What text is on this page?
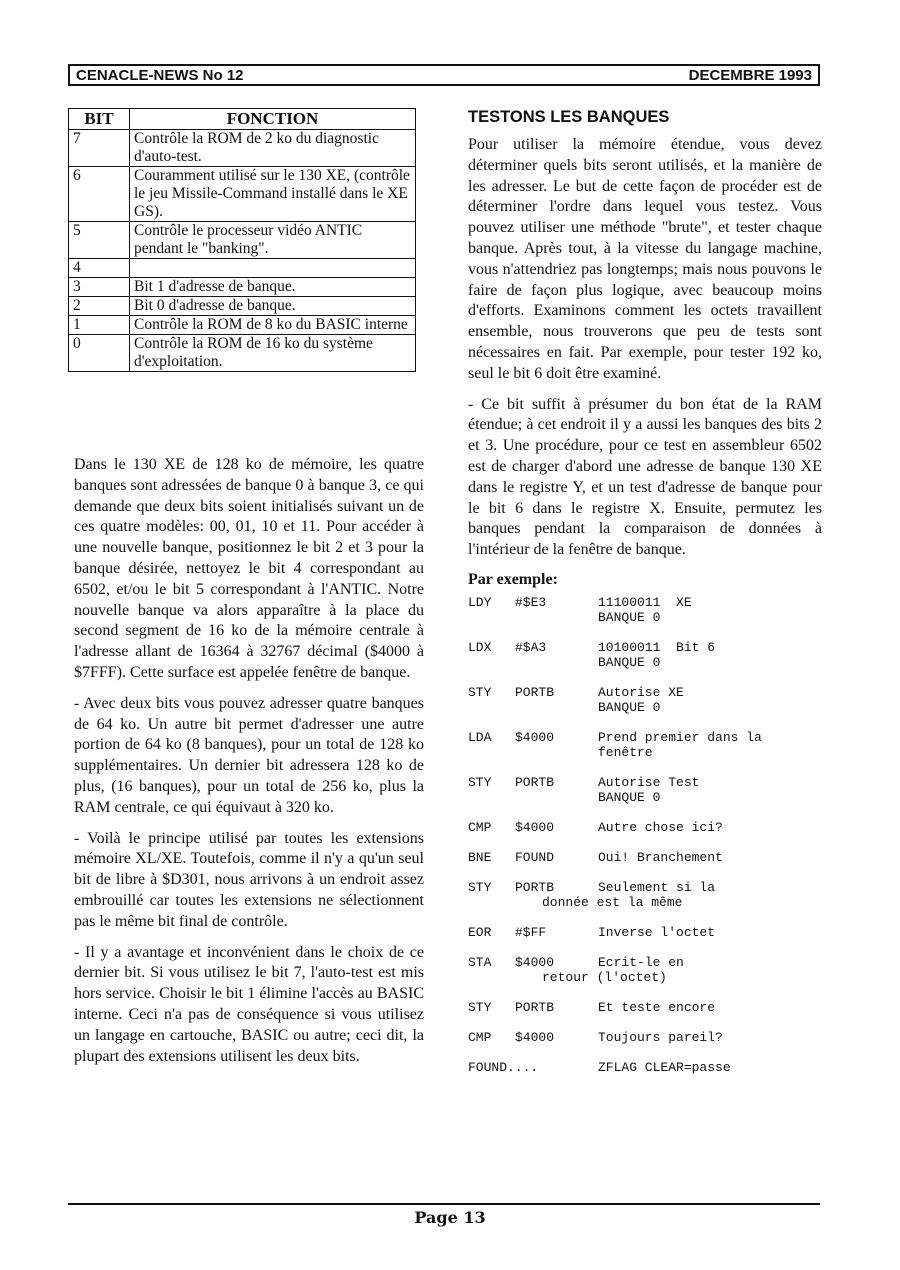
CENACLE-NEWS No 12	DECEMBRE 1993
BIT	FONCTION
7	Contrôle la ROM de 2 ko du diagnostic d'auto-test.
6	Couramment utilisé sur le 130 XE, (contrôle le jeu Missile-Command installé dans le XE GS).
5	Contrôle le processeur vidéo ANTIC pendant le "banking".
4	
3	Bit 1 d'adresse de banque.
2	Bit 0 d'adresse de banque.
1	Contrôle la ROM de 8 ko du BASIC interne
0	Contrôle la ROM de 16 ko du système d'exploitation.

Dans le 130 XE de 128 ko de mémoire, les quatre banques sont adressées de banque 0 à banque 3, ce qui demande que deux bits soient initialisés suivant un de ces quatre modèles: 00, 01, 10 et 11. Pour accéder à une nouvelle banque, positionnez le bit 2 et 3 pour la banque désirée, nettoyez le bit 4 correspondant au 6502, et/ou le bit 5 correspondant à l'ANTIC. Notre nouvelle banque va alors apparaître à la place du second segment de 16 ko de la mémoire centrale à l'adresse allant de 16364 à 32767 décimal ($4000 à $7FFF). Cette surface est appelée fenêtre de banque.

- Avec deux bits vous pouvez adresser quatre banques de 64 ko. Un autre bit permet d'adresser une autre portion de 64 ko (8 banques), pour un total de 128 ko supplémentaires. Un dernier bit adressera 128 ko de plus, (16 banques), pour un total de 256 ko, plus la RAM centrale, ce qui équivaut à 320 ko.

- Voilà le principe utilisé par toutes les extensions mémoire XL/XE. Toutefois, comme il n'y a qu'un seul bit de libre à $D301, nous arrivons à un endroit assez embrouillé car toutes les extensions ne sélectionnent pas le même bit final de contrôle.

- Il y a avantage et inconvénient dans le choix de ce dernier bit. Si vous utilisez le bit 7, l'auto-test est mis hors service. Choisir le bit 1 élimine l'accès au BASIC interne. Ceci n'a pas de conséquence si vous utilisez un langage en cartouche, BASIC ou autre; ceci dit, la plupart des extensions utilisent les deux bits.

TESTONS LES BANQUES

Pour utiliser la mémoire étendue, vous devez déterminer quels bits seront utilisés, et la manière de les adresser. Le but de cette façon de procéder est de déterminer l'ordre dans lequel vous testez. Vous pouvez utiliser une méthode "brute", et tester chaque banque. Après tout, à la vitesse du langage machine, vous n'attendriez pas longtemps; mais nous pouvons le faire de façon plus logique, avec beaucoup moins d'efforts. Examinons comment les octets travaillent ensemble, nous trouverons que peu de tests sont nécessaires en fait. Par exemple, pour tester 192 ko, seul le bit 6 doit être examiné.

- Ce bit suffit à présumer du bon état de la RAM étendue; à cet endroit il y a aussi les banques des bits 2 et 3. Une procédure, pour ce test en assembleur 6502 est de charger d'abord une adresse de banque 130 XE dans le registre Y, et un test d'adresse de banque pour le bit 6 dans le registre X. Ensuite, permutez les banques pendant la comparaison de données à l'intérieur de la fenêtre de banque.

Par exemple:
LDY	#$E3	11100011  XE
BANQUE 0
LDX	#$A3	10100011  Bit 6
BANQUE 0
STY	PORTB	Autorise XE
BANQUE 0
LDA	$4000	Prend premier dans la
fenêtre
STY	PORTB	Autorise Test
BANQUE 0
CMP	$4000	Autre chose ici?
BNE	FOUND	Oui! Branchement
STY	PORTB	Seulement si la
donnée est la même
EOR	#$FF	Inverse l'octet
STA	$4000	Ecrit-le en
retour (l'octet)
STY	PORTB	Et teste encore
CMP	$4000	Toujours pareil?
FOUND....	ZFLAG CLEAR=passe
Page 13
